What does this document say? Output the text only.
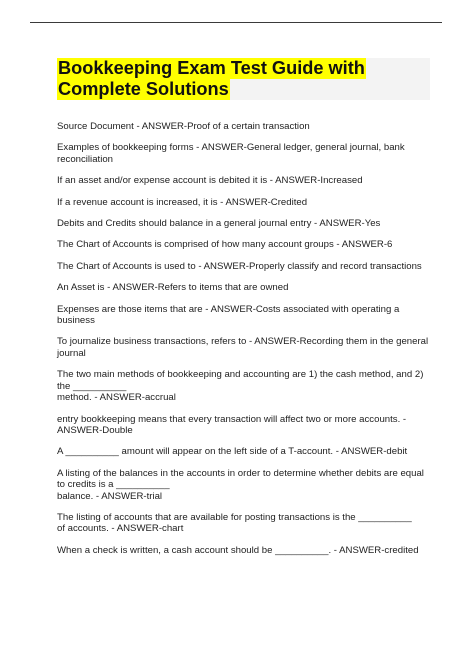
Bookkeeping Exam Test Guide with
Complete Solutions
Source Document - ANSWER-Proof of a certain transaction
Examples of bookkeeping forms - ANSWER-General ledger, general journal, bank
reconciliation
If an asset and/or expense account is debited it is - ANSWER-Increased
If a revenue account is increased, it is - ANSWER-Credited
Debits and Credits should balance in a general journal entry - ANSWER-Yes
The Chart of Accounts is comprised of how many account groups - ANSWER-6
The Chart of Accounts is used to - ANSWER-Properly classify and record transactions
An Asset is - ANSWER-Refers to items that are owned
Expenses are those items that are - ANSWER-Costs associated with operating a
business
To journalize business transactions, refers to - ANSWER-Recording them in the general
journal
The two main methods of bookkeeping and accounting are 1) the cash method, and 2)
the __________
method. - ANSWER-accrual
entry bookkeeping means that every transaction will affect two or more accounts. -
ANSWER-Double
A __________ amount will appear on the left side of a T-account. - ANSWER-debit
A listing of the balances in the accounts in order to determine whether debits are equal
to credits is a __________
balance. - ANSWER-trial
The listing of accounts that are available for posting transactions is the __________
of accounts. - ANSWER-chart
When a check is written, a cash account should be __________. - ANSWER-credited
